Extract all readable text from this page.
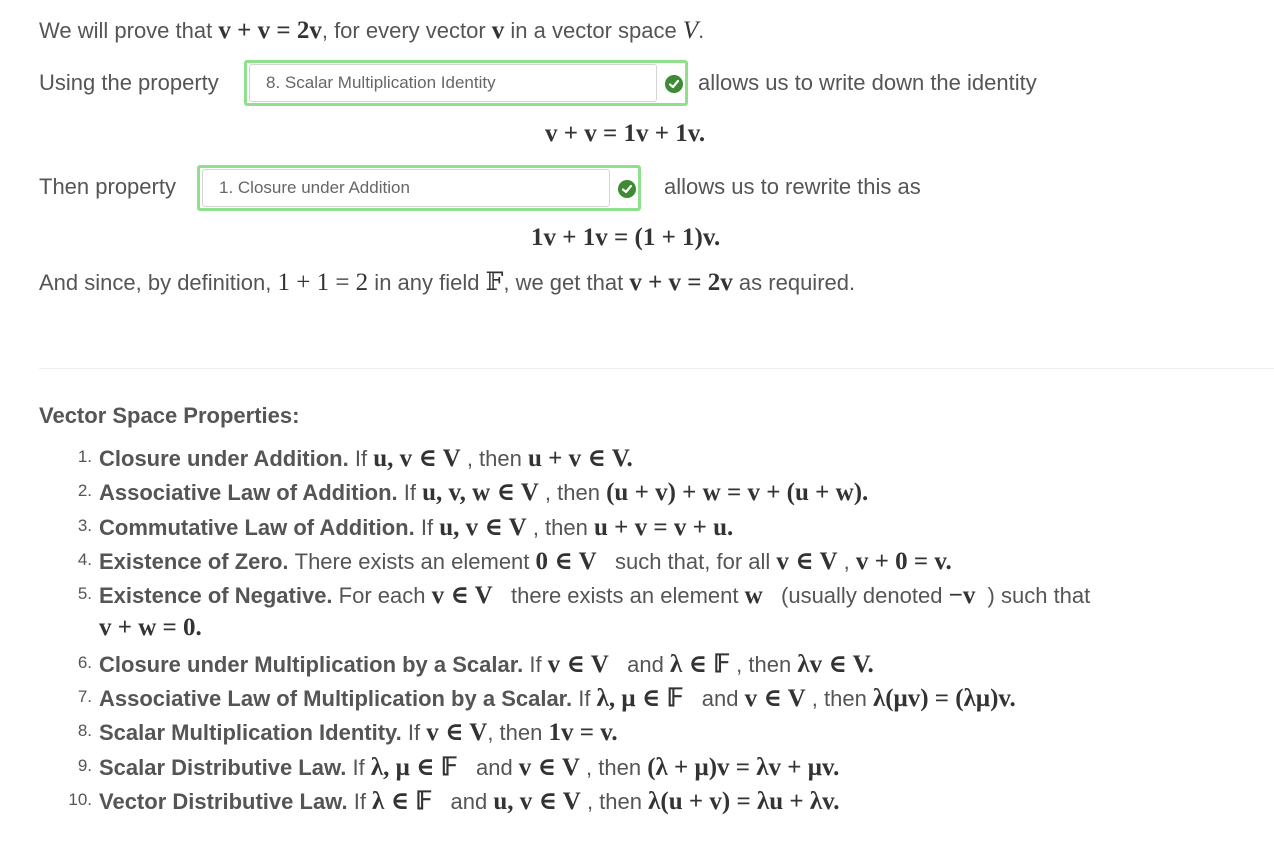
We will prove that v + v = 2v, for every vector v in a vector space V.
Using the property	8. Scalar Multiplication Identity	allows us to write down the identity
v + v = 1v + 1v.
Then property	1. Closure under Addition	allows us to rewrite this as
1v + 1v = (1 + 1)v.
And since, by definition, 1 + 1 = 2 in any field 𝔽, we get that v + v = 2v as required.
Vector Space Properties:
1. Closure under Addition. If u, v ∈ V , then u + v ∈ V.
2. Associative Law of Addition. If u, v, w ∈ V , then (u + v) + w = v + (u + w).
3. Commutative Law of Addition. If u, v ∈ V , then u + v = v + u.
4. Existence of Zero. There exists an element 0 ∈ V   such that, for all v ∈ V , v + 0 = v.
5. Existence of Negative. For each v ∈ V   there exists an element w   (usually denoted −v  ) such that
v + w = 0.
6. Closure under Multiplication by a Scalar. If v ∈ V   and λ ∈ 𝔽 , then λv ∈ V.
7. Associative Law of Multiplication by a Scalar. If λ, μ ∈ 𝔽   and v ∈ V , then λ(μv) = (λμ)v.
8. Scalar Multiplication Identity. If v ∈ V, then 1v = v.
9. Scalar Distributive Law. If λ, μ ∈ 𝔽   and v ∈ V , then (λ + μ)v = λv + μv.
10. Vector Distributive Law. If λ ∈ 𝔽   and u, v ∈ V , then λ(u + v) = λu + λv.
